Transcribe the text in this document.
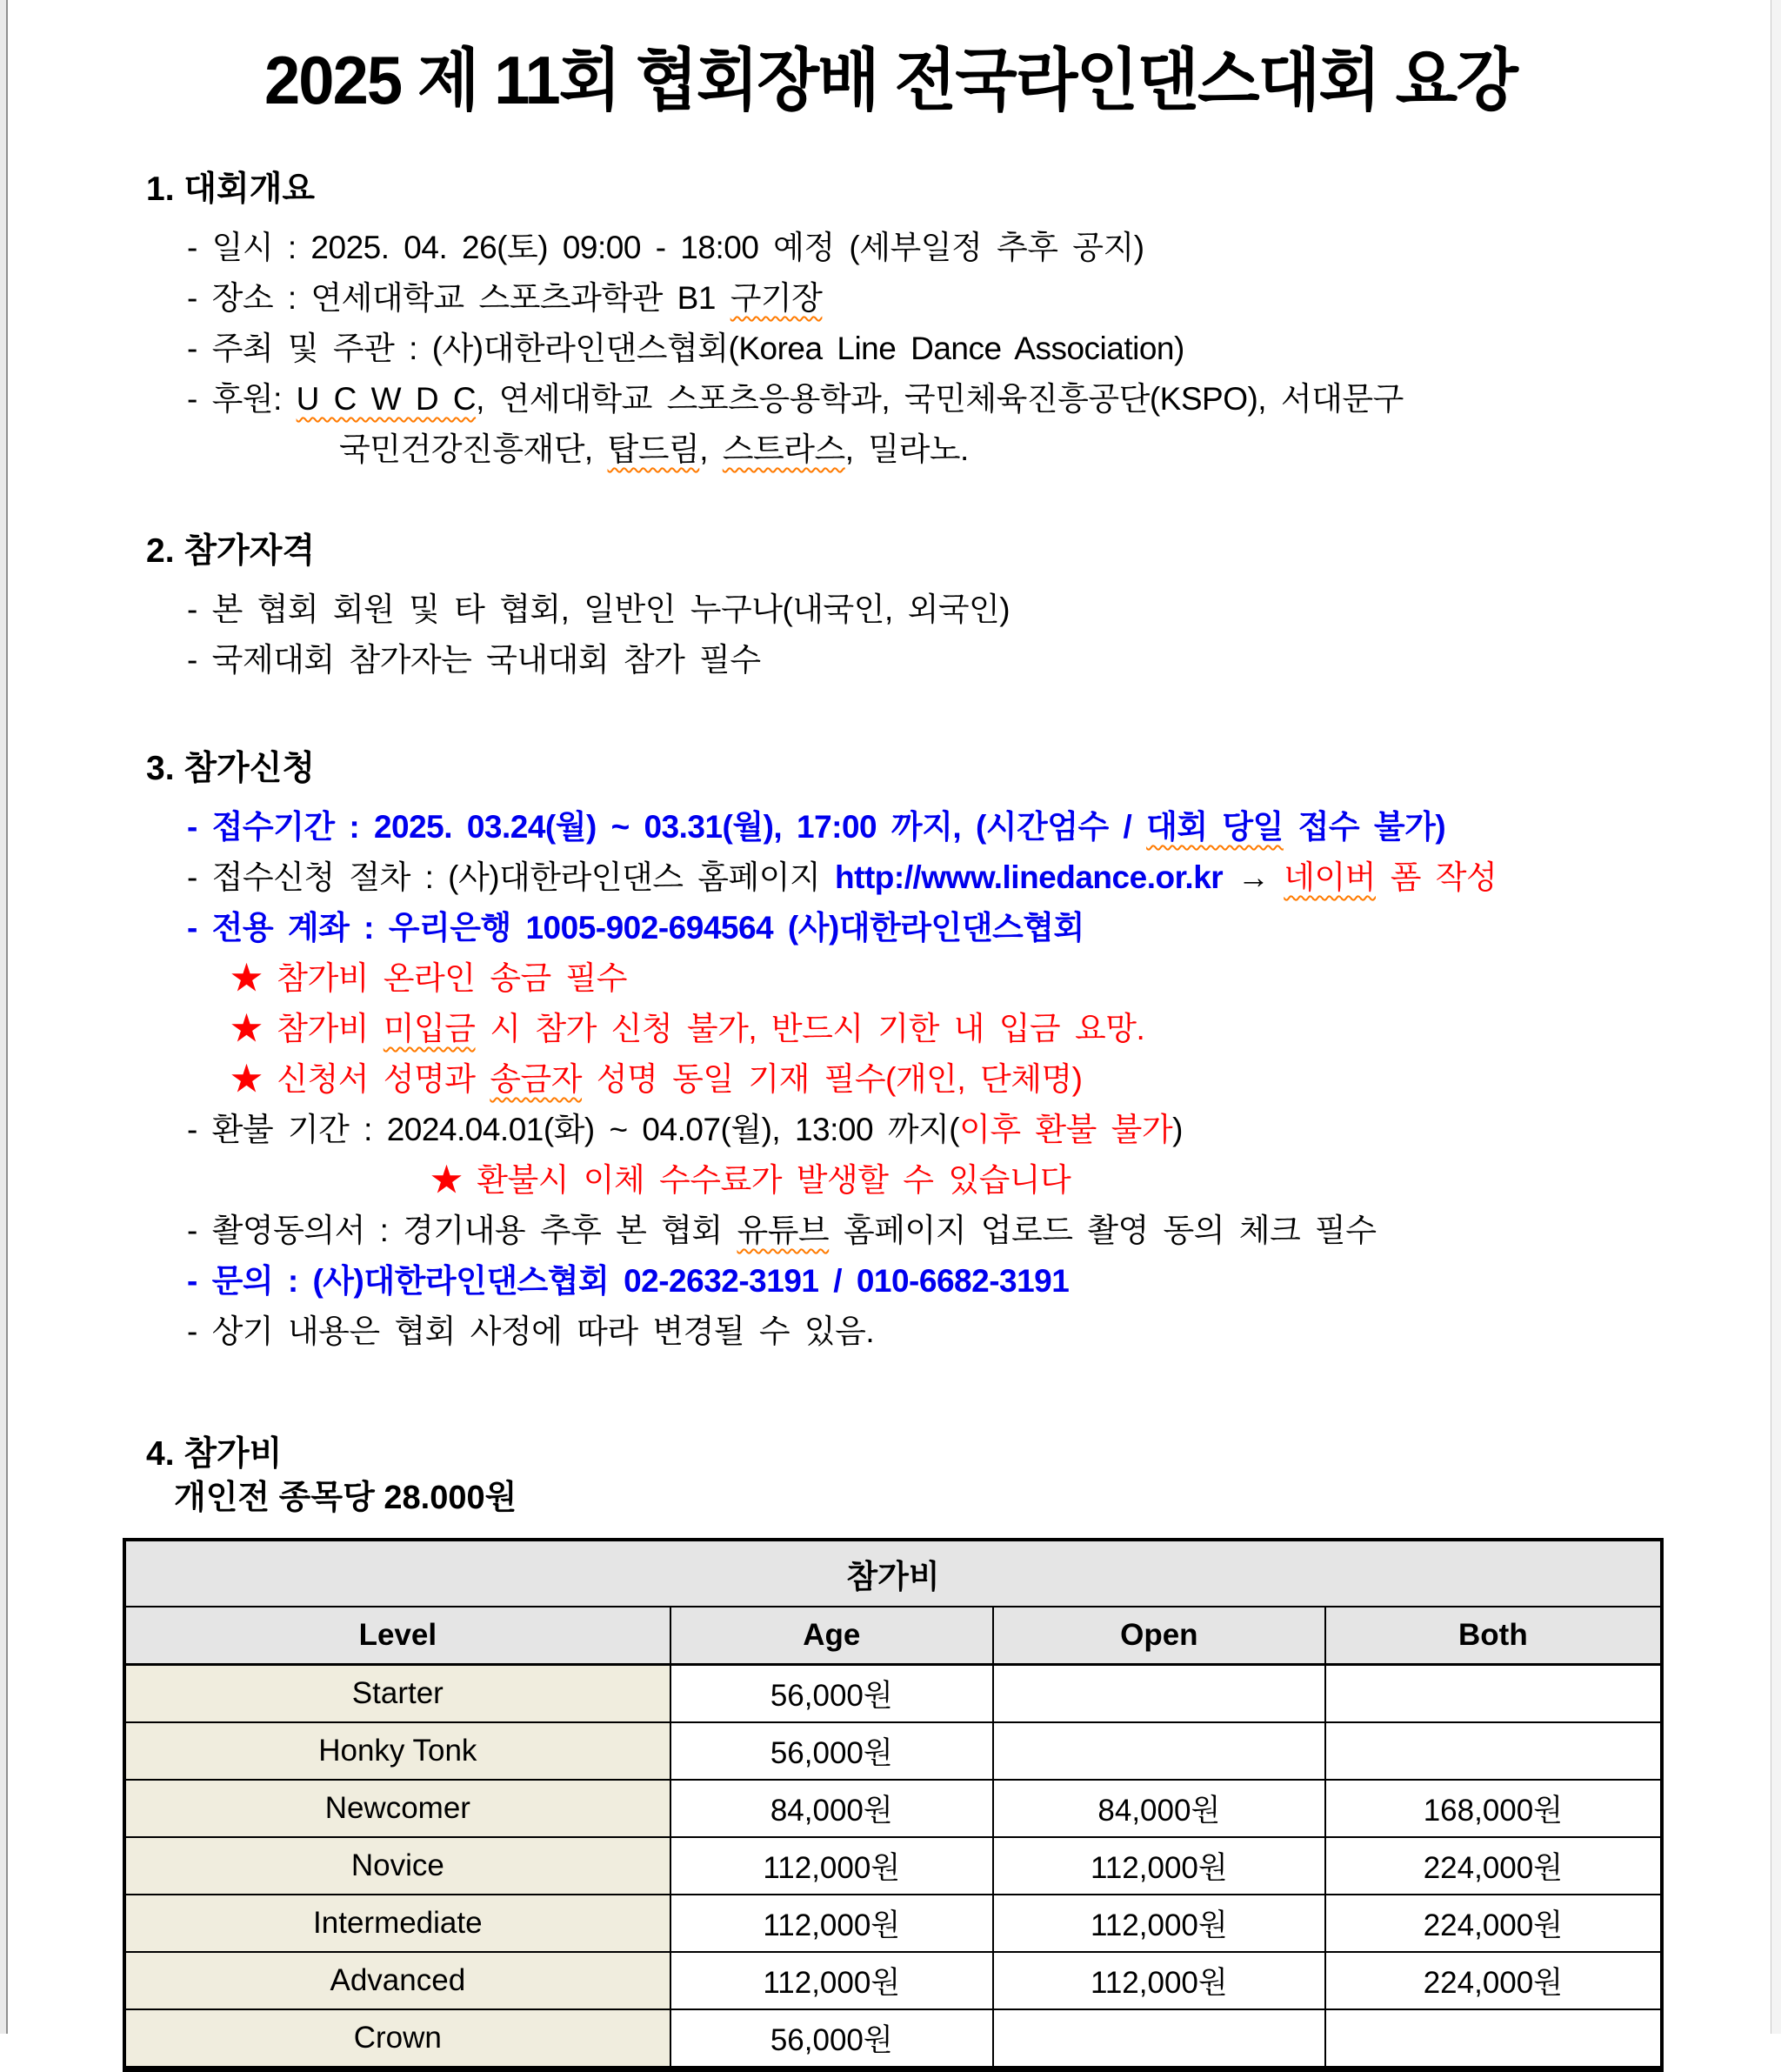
2025 제 11회 협회장배 전국라인댄스대회 요강
1. 대회개요
- 일시 : 2025. 04. 26(토) 09:00 - 18:00 예정 (세부일정 추후 공지)
- 장소 : 연세대학교 스포츠과학관 B1 구기장
- 주최 및 주관 : (사)대한라인댄스협회(Korea Line Dance Association)
- 후원: U C W D C, 연세대학교 스포츠응용학과, 국민체육진흥공단(KSPO), 서대문구
국민건강진흥재단, 탑드림, 스트라스, 밀라노.
2. 참가자격
- 본 협회 회원 및 타 협회, 일반인 누구나(내국인, 외국인)
- 국제대회 참가자는 국내대회 참가 필수
3. 참가신청
- 접수기간 : 2025. 03.24(월) ~ 03.31(월), 17:00 까지, (시간엄수 / 대회 당일 접수 불가)
- 접수신청 절차 : (사)대한라인댄스 홈페이지 http://www.linedance.or.kr → 네이버 폼 작성
- 전용 계좌 : 우리은행 1005-902-694564 (사)대한라인댄스협회
★ 참가비 온라인 송금 필수
★ 참가비 미입금 시 참가 신청 불가, 반드시 기한 내 입금 요망.
★ 신청서 성명과 송금자 성명 동일 기재 필수(개인, 단체명)
- 환불 기간 : 2024.04.01(화) ~ 04.07(월), 13:00 까지(이후 환불 불가)
★ 환불시 이체 수수료가 발생할 수 있습니다
- 촬영동의서 : 경기내용 추후 본 협회 유튜브 홈페이지 업로드 촬영 동의 체크 필수
- 문의 : (사)대한라인댄스협회 02-2632-3191 / 010-6682-3191
- 상기 내용은 협회 사정에 따라 변경될 수 있음.
4. 참가비
개인전 종목당 28.000원
참가비			
Level	Age	Open	Both
Starter	56,000원		
Honky Tonk	56,000원		
Newcomer	84,000원	84,000원	168,000원
Novice	112,000원	112,000원	224,000원
Intermediate	112,000원	112,000원	224,000원
Advanced	112,000원	112,000원	224,000원
Crown	56,000원		
